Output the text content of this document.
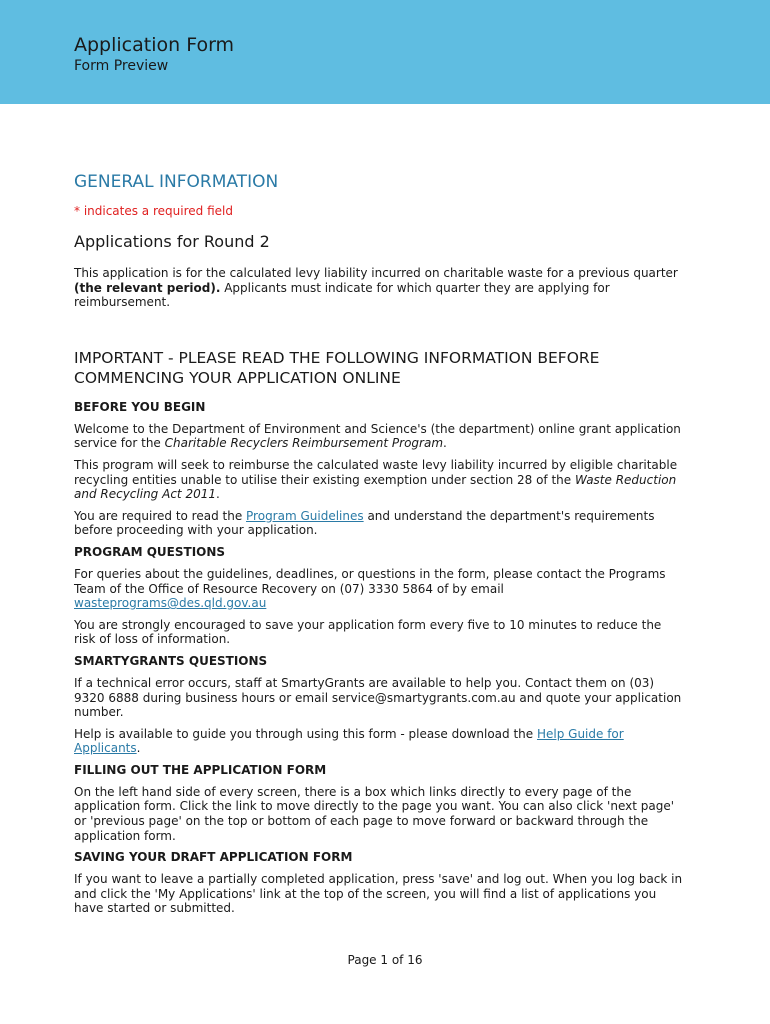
Application Form
Form Preview
GENERAL INFORMATION
* indicates a required field
Applications for Round 2

This application is for the calculated levy liability incurred on charitable waste for a previous quarter (the relevant period). Applicants must indicate for which quarter they are applying for reimbursement.

IMPORTANT - PLEASE READ THE FOLLOWING INFORMATION BEFORE COMMENCING YOUR APPLICATION ONLINE
BEFORE YOU BEGIN

Welcome to the Department of Environment and Science's (the department) online grant application service for the Charitable Recyclers Reimbursement Program.

This program will seek to reimburse the calculated waste levy liability incurred by eligible charitable recycling entities unable to utilise their existing exemption under section 28 of the Waste Reduction and Recycling Act 2011.

You are required to read the Program Guidelines and understand the department's requirements before proceeding with your application.

PROGRAM QUESTIONS

For queries about the guidelines, deadlines, or questions in the form, please contact the Programs Team of the Office of Resource Recovery on (07) 3330 5864 of by email wasteprograms@des.qld.gov.au

You are strongly encouraged to save your application form every five to 10 minutes to reduce the risk of loss of information.

SMARTYGRANTS QUESTIONS

If a technical error occurs, staff at SmartyGrants are available to help you. Contact them on (03) 9320 6888 during business hours or email service@smartygrants.com.au and quote your application number.

Help is available to guide you through using this form - please download the Help Guide for Applicants.

FILLING OUT THE APPLICATION FORM

On the left hand side of every screen, there is a box which links directly to every page of the application form. Click the link to move directly to the page you want. You can also click 'next page' or 'previous page' on the top or bottom of each page to move forward or backward through the application form.

SAVING YOUR DRAFT APPLICATION FORM

If you want to leave a partially completed application, press 'save' and log out. When you log back in and click the 'My Applications' link at the top of the screen, you will find a list of applications you have started or submitted.

Page 1 of 16
